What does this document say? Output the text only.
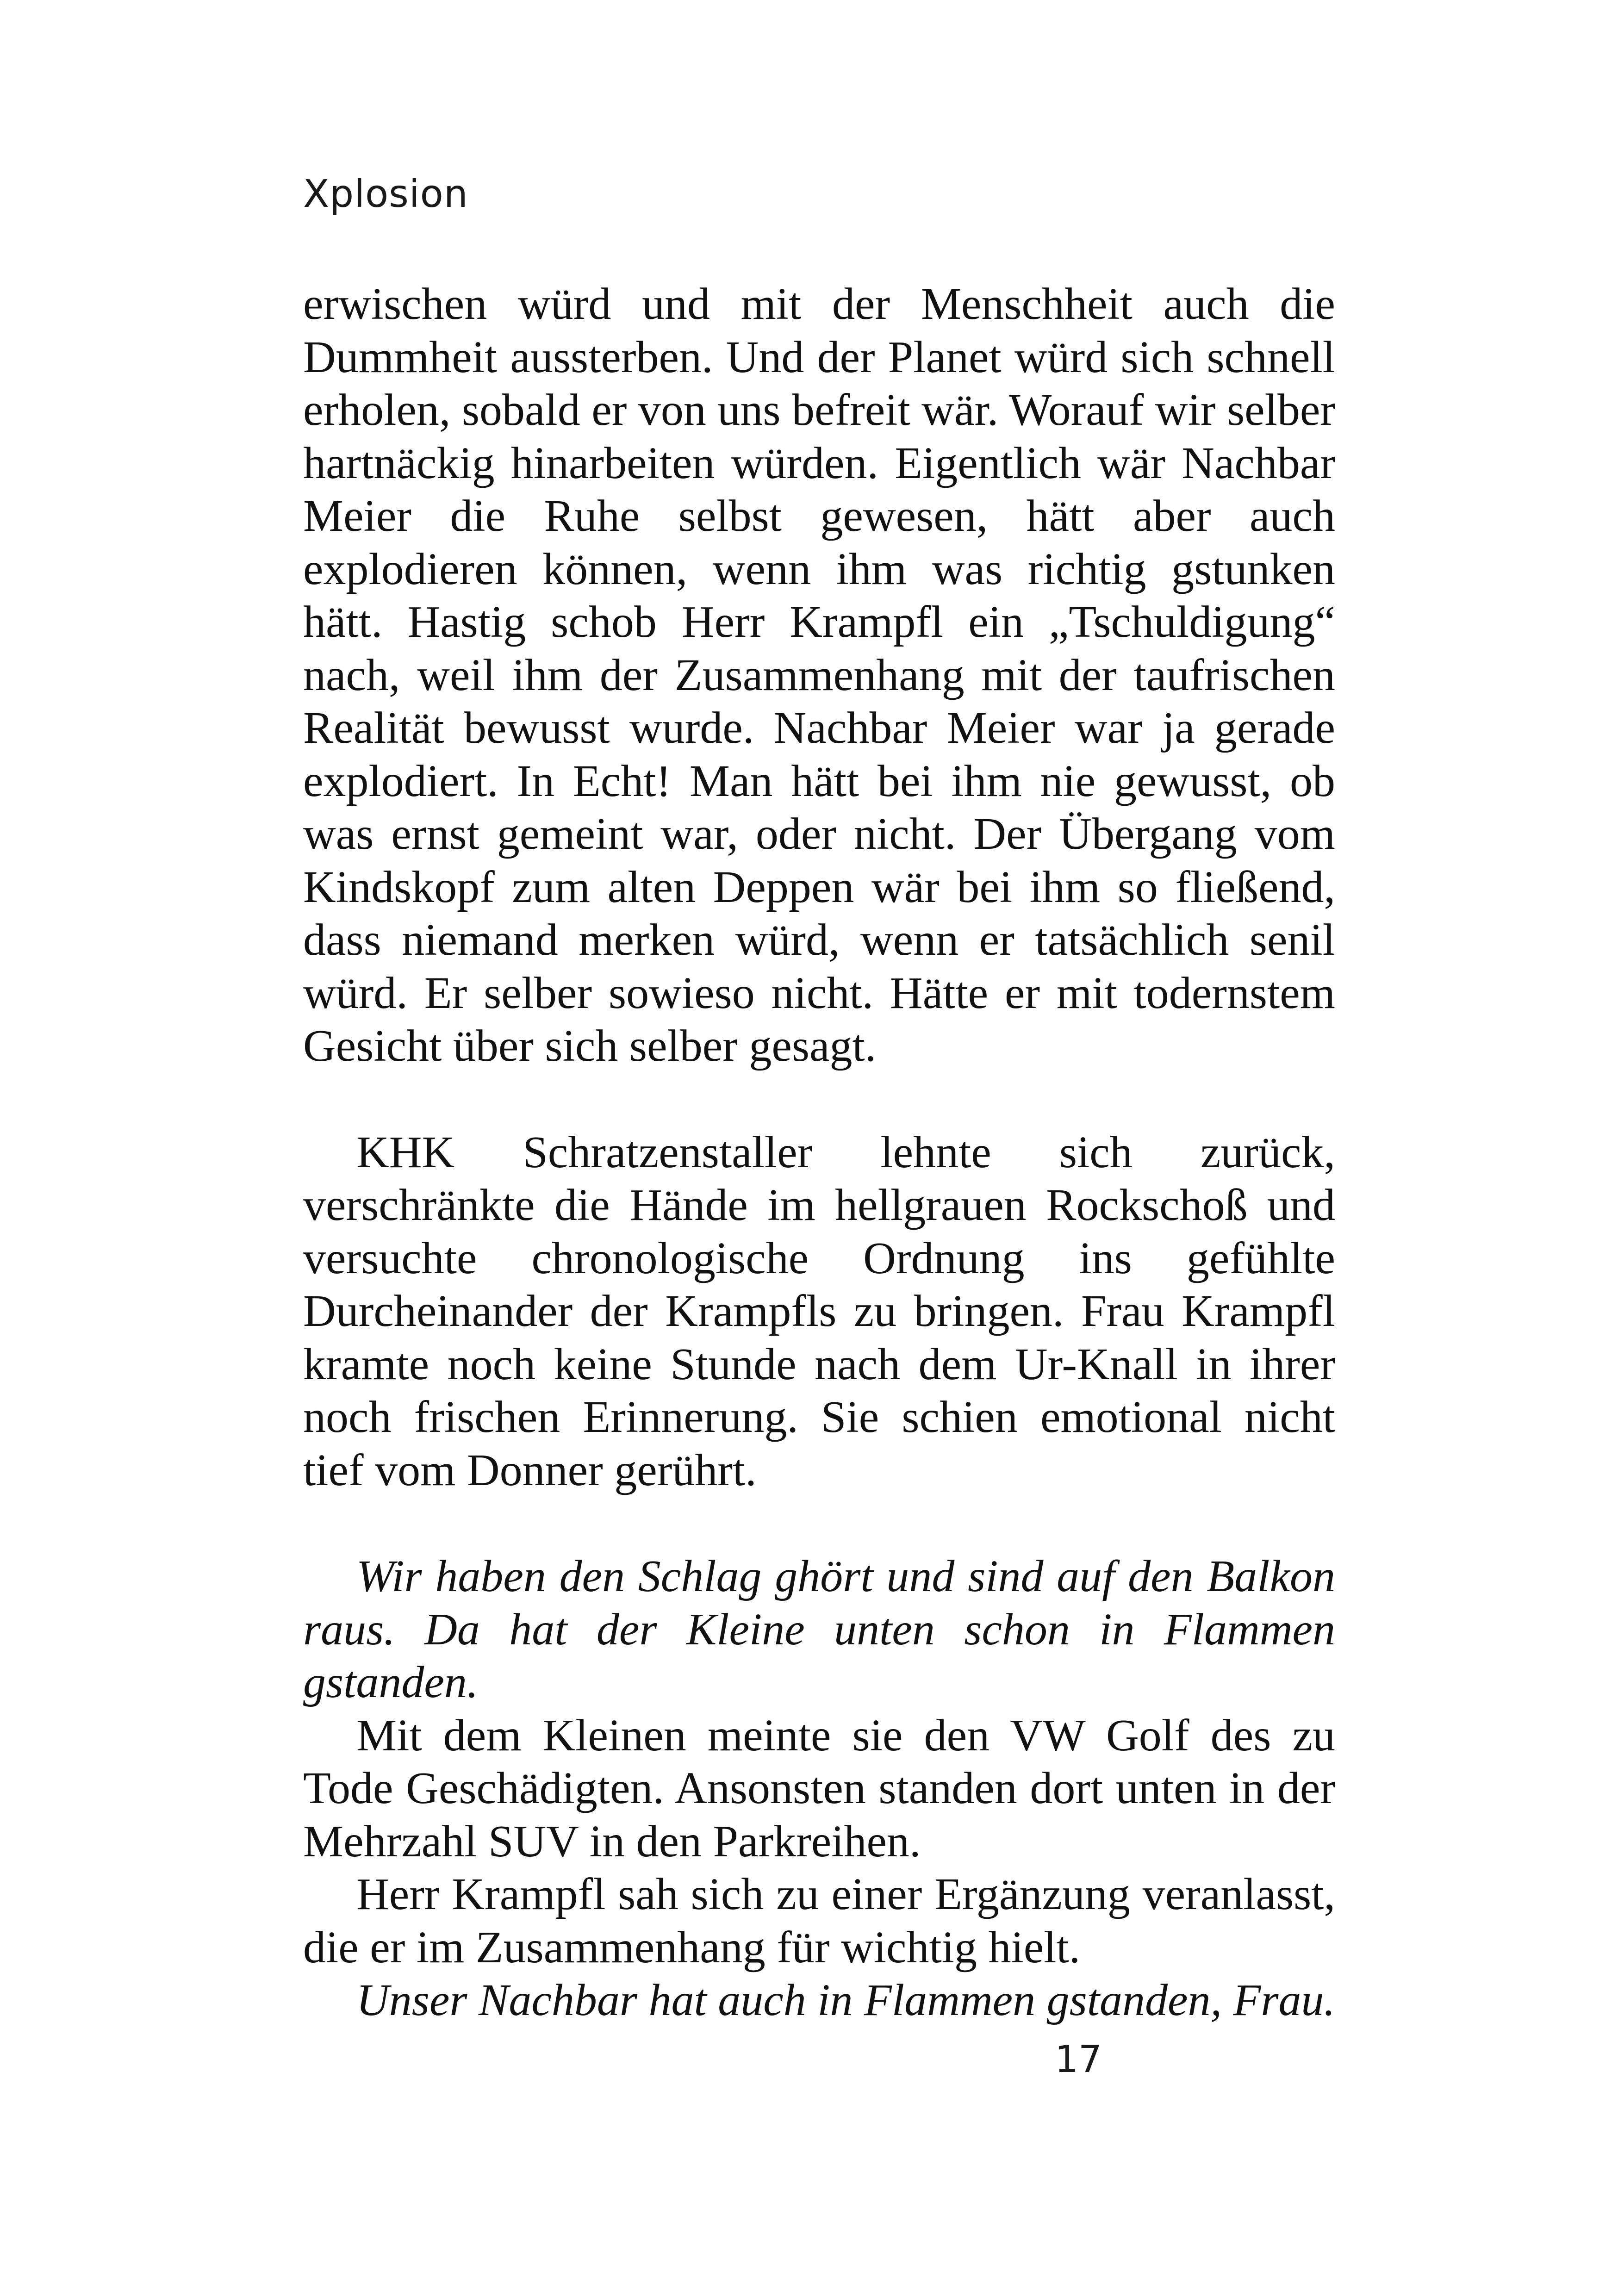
Xplosion

erwischen würd und mit der Menschheit auch die Dummheit aussterben. Und der Planet würd sich schnell erholen, sobald er von uns befreit wär. Worauf wir selber hartnäckig hinarbeiten würden. Eigentlich wär Nachbar Meier die Ruhe selbst gewesen, hätt aber auch explodieren können, wenn ihm was richtig gstunken hätt. Hastig schob Herr Krampfl ein „Tschuldigung“ nach, weil ihm der Zusammenhang mit der taufrischen Realität bewusst wurde. Nachbar Meier war ja gerade explodiert. In Echt! Man hätt bei ihm nie gewusst, ob was ernst gemeint war, oder nicht. Der Übergang vom Kindskopf zum alten Deppen wär bei ihm so fließend, dass niemand merken würd, wenn er tatsächlich senil würd. Er selber sowieso nicht. Hätte er mit todernstem Gesicht über sich selber gesagt.

KHK Schratzenstaller lehnte sich zurück, verschränkte die Hände im hellgrauen Rockschoß und versuchte chronologische Ordnung ins gefühlte Durcheinander der Krampfls zu bringen. Frau Krampfl kramte noch keine Stunde nach dem Ur-Knall in ihrer noch frischen Erinnerung. Sie schien emotional nicht tief vom Donner gerührt.

Wir haben den Schlag ghört und sind auf den Balkon raus. Da hat der Kleine unten schon in Flammen gstanden.

Mit dem Kleinen meinte sie den VW Golf des zu Tode Geschädigten. Ansonsten standen dort unten in der Mehrzahl SUV in den Parkreihen.

Herr Krampfl sah sich zu einer Ergänzung veranlasst, die er im Zusammenhang für wichtig hielt.

Unser Nachbar hat auch in Flammen gstanden, Frau.

17
